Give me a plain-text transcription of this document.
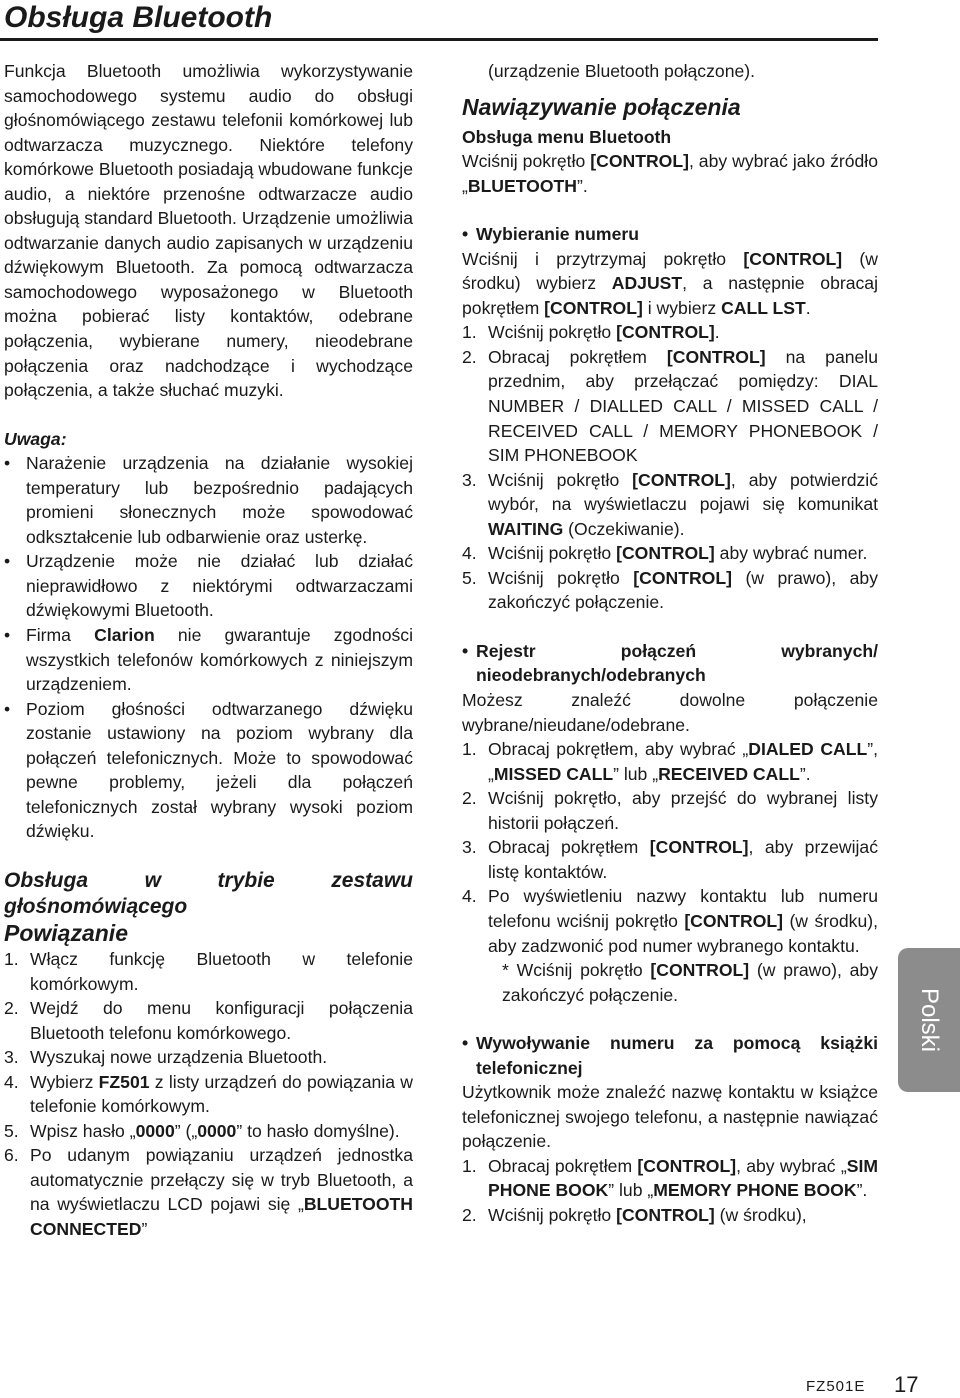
Obsługa Bluetooth

Funkcja Bluetooth umożliwia wykorzystywanie samochodowego systemu audio do obsługi głośnomówiącego zestawu telefonii komórkowej lub odtwarzacza muzycznego. Niektóre telefony komórkowe Bluetooth posiadają wbudowane funkcje audio, a niektóre przenośne odtwarzacze audio obsługują standard Bluetooth. Urządzenie umożliwia odtwarzanie danych audio zapisanych w urządzeniu dźwiękowym Bluetooth. Za pomocą odtwarzacza samochodowego wyposażonego w Bluetooth można pobierać listy kontaktów, odebrane połączenia, wybierane numery, nieodebrane połączenia oraz nadchodzące i wychodzące połączenia, a także słuchać muzyki.

Uwaga:

• Narażenie urządzenia na działanie wysokiej temperatury lub bezpośrednio padających promieni słonecznych może spowodować odkształcenie lub odbarwienie oraz usterkę.
• Urządzenie może nie działać lub działać nieprawidłowo z niektórymi odtwarzaczami dźwiękowymi Bluetooth.
• Firma Clarion nie gwarantuje zgodności wszystkich telefonów komórkowych z niniejszym urządzeniem.
• Poziom głośności odtwarzanego dźwięku zostanie ustawiony na poziom wybrany dla połączeń telefonicznych. Może to spowodować pewne problemy, jeżeli dla połączeń telefonicznych został wybrany wysoki poziom dźwięku.

Obsługa w trybie zestawu głośnomówiącego

Powiązanie

1. Włącz funkcję Bluetooth w telefonie komórkowym.
2. Wejdź do menu konfiguracji połączenia Bluetooth telefonu komórkowego.
3. Wyszukaj nowe urządzenia Bluetooth.
4. Wybierz FZ501 z listy urządzeń do powiązania w telefonie komórkowym.
5. Wpisz hasło „0000” („0000” to hasło domyślne).
6. Po udanym powiązaniu urządzeń jednostka automatycznie przełączy się w tryb Bluetooth, a na wyświetlaczu LCD pojawi się „BLUETOOTH CONNECTED”

(urządzenie Bluetooth połączone).

Nawiązywanie połączenia

Obsługa menu Bluetooth

Wciśnij pokrętło [CONTROL], aby wybrać jako źródło „BLUETOOTH”.

• Wybieranie numeru

Wciśnij i przytrzymaj pokrętło [CONTROL] (w środku) wybierz ADJUST, a następnie obracaj pokrętłem [CONTROL] i wybierz CALL LST.

1. Wciśnij pokrętło [CONTROL].
2. Obracaj pokrętłem [CONTROL] na panelu przednim, aby przełączać pomiędzy: DIAL NUMBER / DIALLED CALL / MISSED CALL / RECEIVED CALL / MEMORY PHONEBOOK / SIM PHONEBOOK
3. Wciśnij pokrętło [CONTROL], aby potwierdzić wybór, na wyświetlaczu pojawi się komunikat WAITING (Oczekiwanie).
4. Wciśnij pokrętło [CONTROL] aby wybrać numer.
5. Wciśnij pokrętło [CONTROL] (w prawo), aby zakończyć połączenie.

• Rejestr połączeń wybranych/ nieodebranych/odebranych

Możesz znaleźć dowolne połączenie wybrane/nieudane/odebrane.

1. Obracaj pokrętłem, aby wybrać „DIALED CALL”, „MISSED CALL” lub „RECEIVED CALL”.
2. Wciśnij pokrętło, aby przejść do wybranej listy historii połączeń.
3. Obracaj pokrętłem [CONTROL], aby przewijać listę kontaktów.
4. Po wyświetleniu nazwy kontaktu lub numeru telefonu wciśnij pokrętło [CONTROL] (w środku), aby zadzwonić pod numer wybranego kontaktu.

* Wciśnij pokrętło [CONTROL] (w prawo), aby zakończyć połączenie.

• Wywoływanie numeru za pomocą książki telefonicznej

Użytkownik może znaleźć nazwę kontaktu w książce telefonicznej swojego telefonu, a następnie nawiązać połączenie.

1. Obracaj pokrętłem [CONTROL], aby wybrać „SIM PHONE BOOK” lub „MEMORY PHONE BOOK”.
2. Wciśnij pokrętło [CONTROL] (w środku),
Polski
FZ501E 17
